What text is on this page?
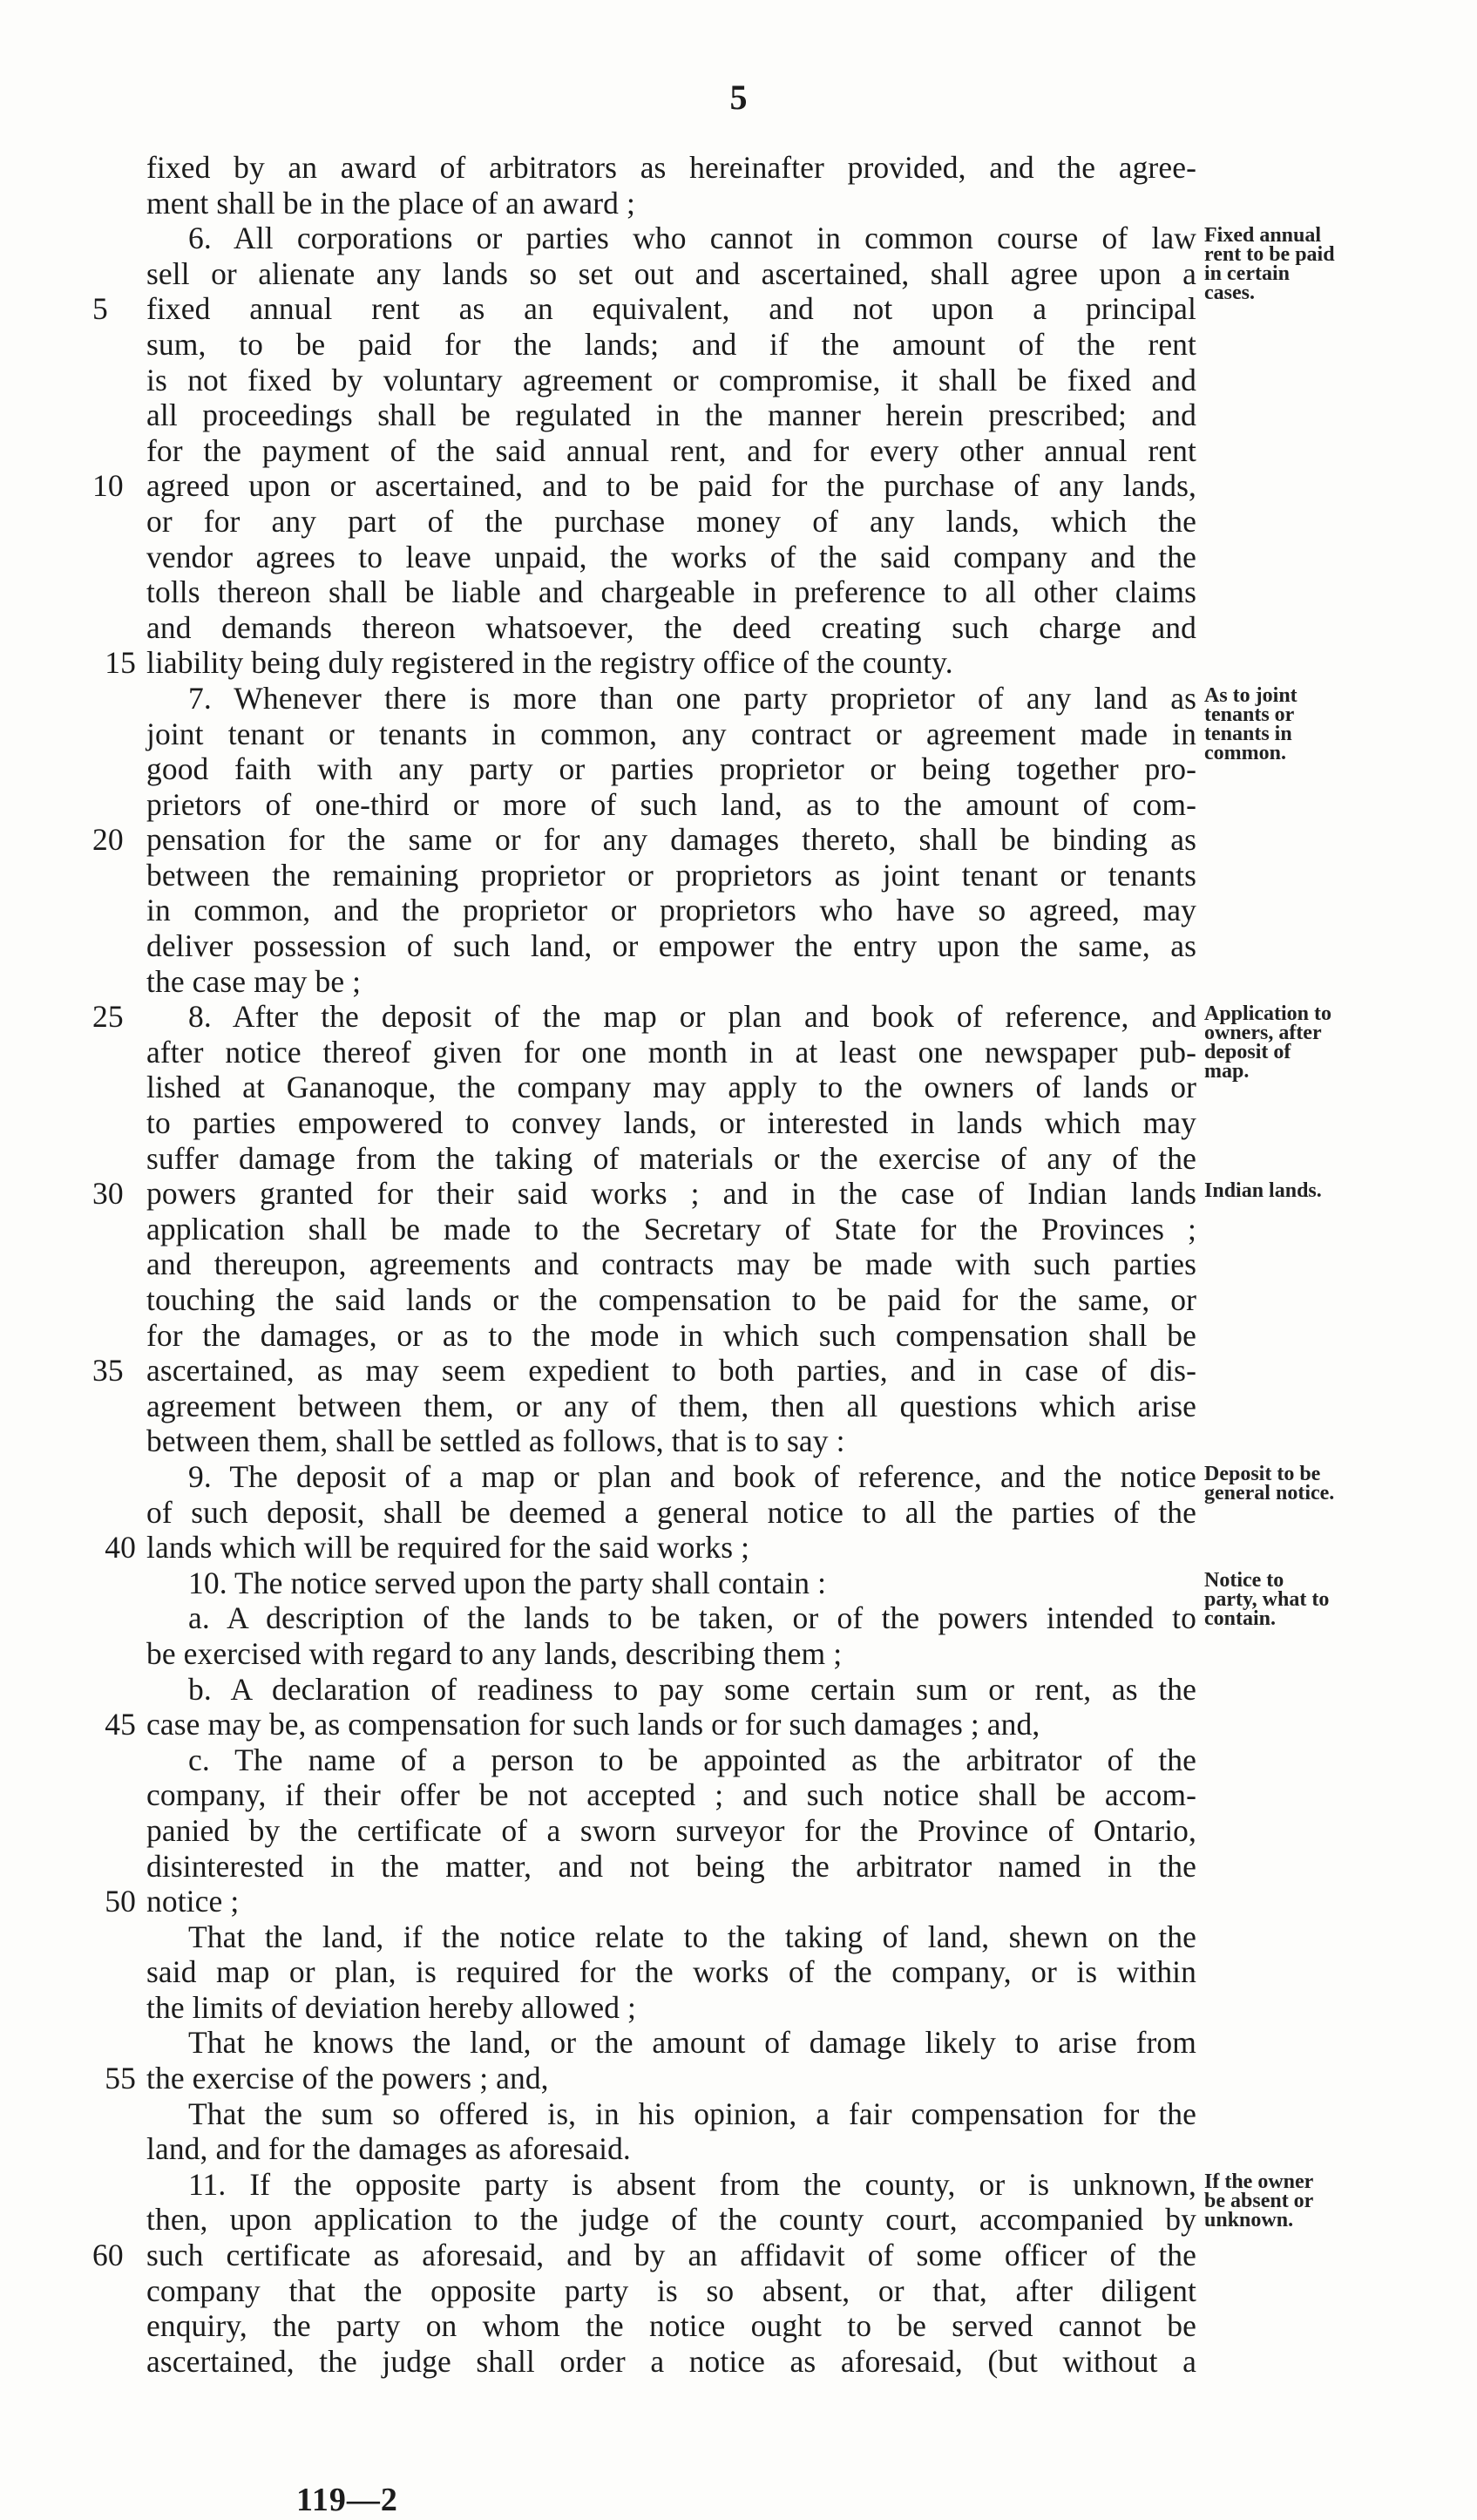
5
fixed by an award of arbitrators as hereinafter provided, and the agree-
ment shall be in the place of an award ;
6. All corporations or parties who cannot in common course of law
sell or alienate any lands so set out and ascertained, shall agree upon a
fixed annual rent as an equivalent, and not upon a principal
5
sum, to be paid for the lands; and if the amount of the rent
is not fixed by voluntary agreement or compromise, it shall be fixed and
all proceedings shall be regulated in the manner herein prescribed; and
for the payment of the said annual rent, and for every other annual rent
agreed upon or ascertained, and to be paid for the purchase of any lands,
10
or for any part of the purchase money of any lands, which the
vendor agrees to leave unpaid, the works of the said company and the
tolls thereon shall be liable and chargeable in preference to all other claims
and demands thereon whatsoever, the deed creating such charge and
liability being duly registered in the registry office of the county.
15
7. Whenever there is more than one party proprietor of any land as
joint tenant or tenants in common, any contract or agreement made in
good faith with any party or parties proprietor or being together pro-
prietors of one-third or more of such land, as to the amount of com-
pensation for the same or for any damages thereto, shall be binding as
20
between the remaining proprietor or proprietors as joint tenant or tenants
in common, and the proprietor or proprietors who have so agreed, may
deliver possession of such land, or empower the entry upon the same, as
the case may be ;
8. After the deposit of the map or plan and book of reference, and
25
after notice thereof given for one month in at least one newspaper pub-
lished at Gananoque, the company may apply to the owners of lands or
to parties empowered to convey lands, or interested in lands which may
suffer damage from the taking of materials or the exercise of any of the
powers granted for their said works ; and in the case of Indian lands
30
application shall be made to the Secretary of State for the Provinces ;
and thereupon, agreements and contracts may be made with such parties
touching the said lands or the compensation to be paid for the same, or
for the damages, or as to the mode in which such compensation shall be
ascertained, as may seem expedient to both parties, and in case of dis-
35
agreement between them, or any of them, then all questions which arise
between them, shall be settled as follows, that is to say :
9. The deposit of a map or plan and book of reference, and the notice
of such deposit, shall be deemed a general notice to all the parties of the
lands which will be required for the said works ;
40
10. The notice served upon the party shall contain :
a. A description of the lands to be taken, or of the powers intended to
be exercised with regard to any lands, describing them ;
b. A declaration of readiness to pay some certain sum or rent, as the
case may be, as compensation for such lands or for such damages ; and,
45
c. The name of a person to be appointed as the arbitrator of the
company, if their offer be not accepted ; and such notice shall be accom-
panied by the certificate of a sworn surveyor for the Province of Ontario,
disinterested in the matter, and not being the arbitrator named in the
notice ;
50
That the land, if the notice relate to the taking of land, shewn on the
said map or plan, is required for the works of the company, or is within
the limits of deviation hereby allowed ;
That he knows the land, or the amount of damage likely to arise from
the exercise of the powers ; and,
55
That the sum so offered is, in his opinion, a fair compensation for the
land, and for the damages as aforesaid.
11. If the opposite party is absent from the county, or is unknown,
then, upon application to the judge of the county court, accompanied by
such certificate as aforesaid, and by an affidavit of some officer of the
60
company that the opposite party is so absent, or that, after diligent
enquiry, the party on whom the notice ought to be served cannot be
ascertained, the judge shall order a notice as aforesaid, (but without a
Fixed annual
rent to be paid
in certain
cases.
As to joint
tenants or
tenants in
common.
Application to
owners, after
deposit of
map.
Indian lands.
Deposit to be
general notice.
Notice to
party, what to
contain.
If the owner
be absent or
unknown.
119—2
